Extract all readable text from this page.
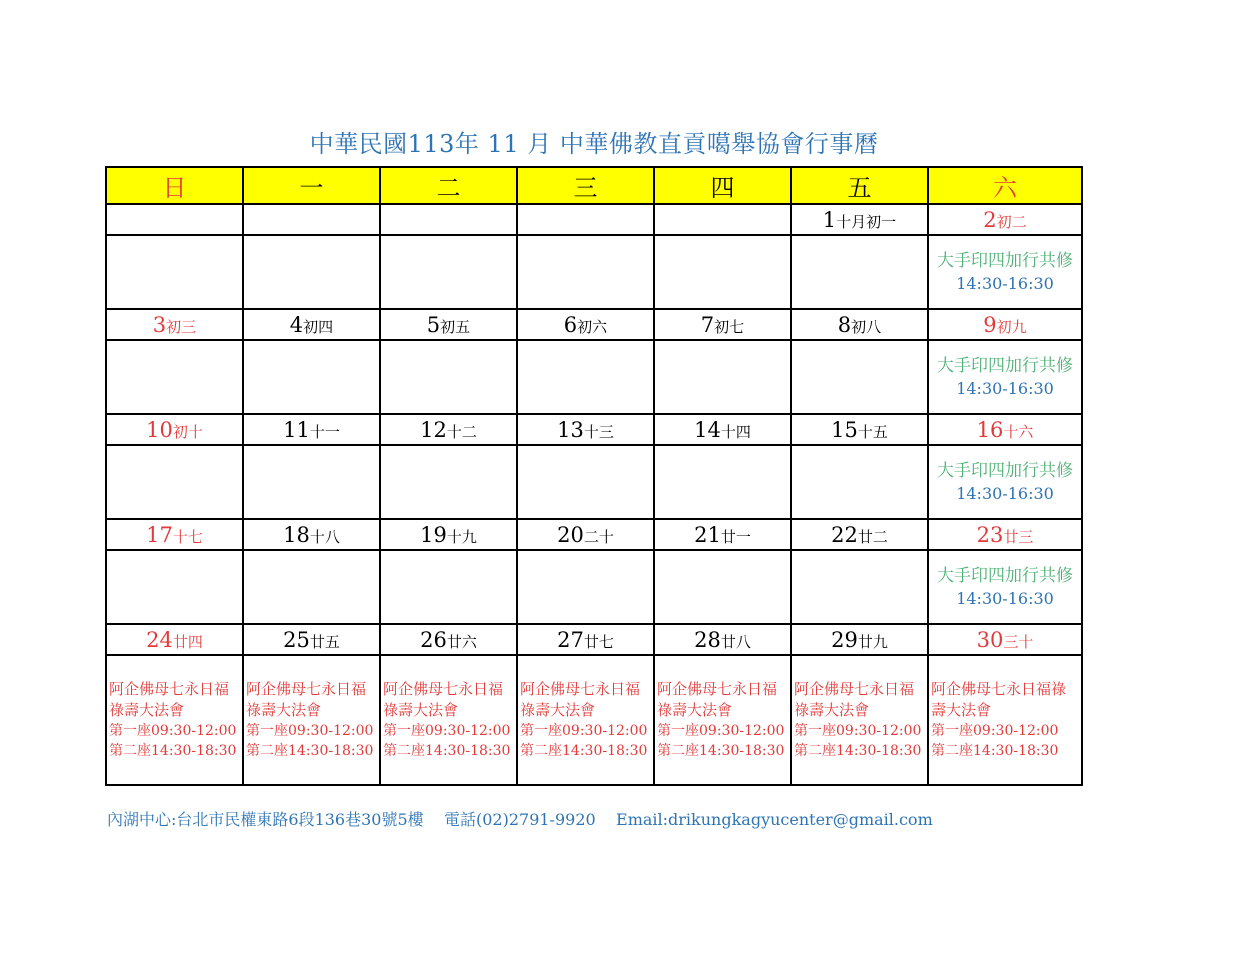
中華民國113年 11 月 中華佛教直貢噶舉協會行事曆
日	一	二	三	四	五	六
					1十月初一	2初二

						大手印四加行共修
14:30-16:30

3初三	4初四	5初五	6初六	7初七	8初八	9初九

						大手印四加行共修
14:30-16:30

10初十	11十一	12十二	13十三	14十四	15十五	16十六

						大手印四加行共修
14:30-16:30

17十七	18十八	19十九	20二十	21廿一	22廿二	23廿三

						大手印四加行共修
14:30-16:30

24廿四	25廿五	26廿六	27廿七	28廿八	29廿九	30三十

阿企佛母七永日福
祿壽大法會
第一座09:30-12:00
第二座14:30-18:30	阿企佛母七永日福
祿壽大法會
第一座09:30-12:00
第二座14:30-18:30	阿企佛母七永日福
祿壽大法會
第一座09:30-12:00
第二座14:30-18:30	阿企佛母七永日福
祿壽大法會
第一座09:30-12:00
第二座14:30-18:30	阿企佛母七永日福
祿壽大法會
第一座09:30-12:00
第二座14:30-18:30	阿企佛母七永日福
祿壽大法會
第一座09:30-12:00
第二座14:30-18:30	阿企佛母七永日福祿
壽大法會
第一座09:30-12:00
第二座14:30-18:30
內湖中心:台北市民權東路6段136巷30號5樓    電話(02)2791-9920    Email:drikungkagyucenter@gmail.com
